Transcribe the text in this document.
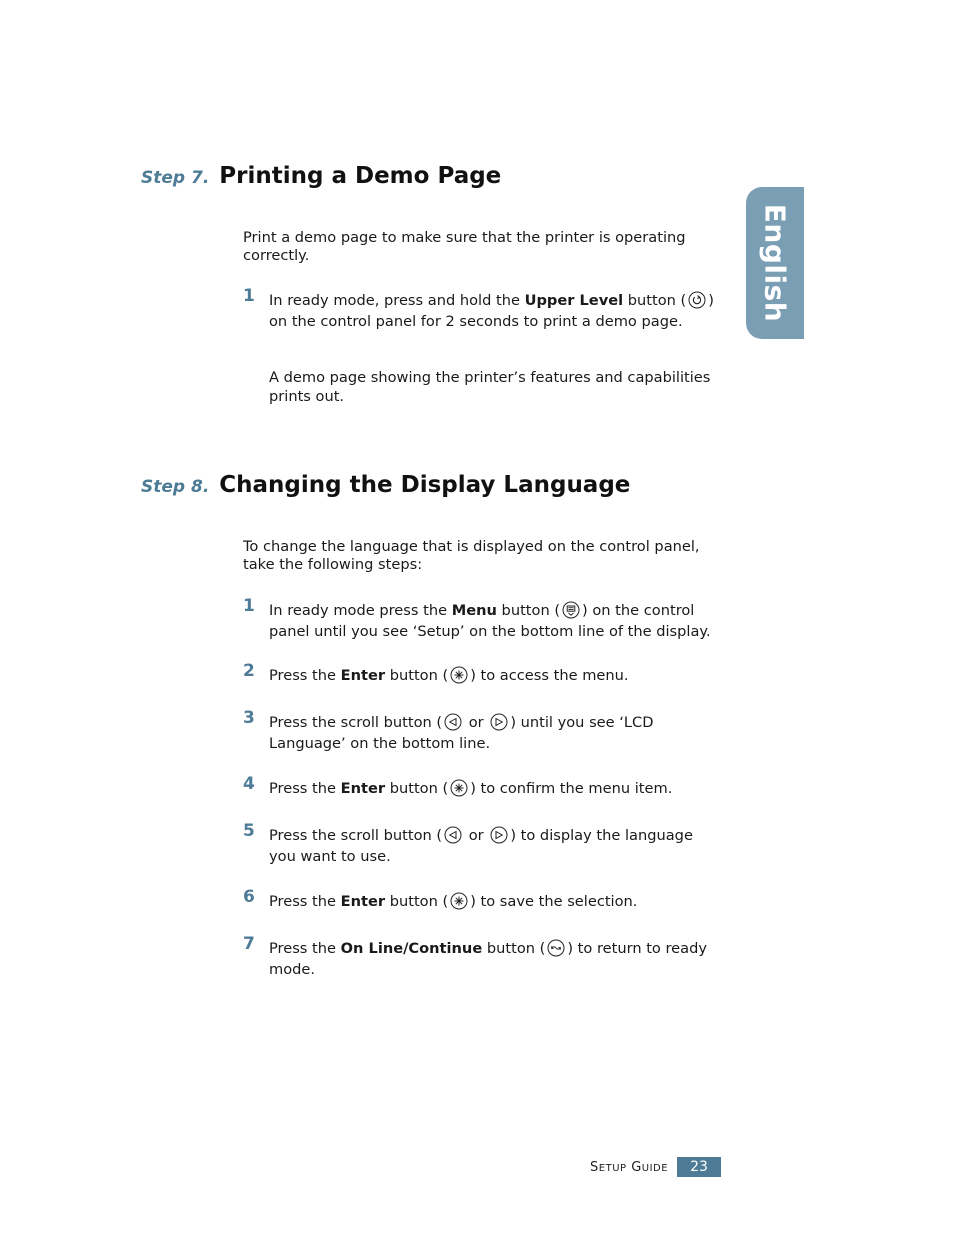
English
Step 7. Printing a Demo Page

Print a demo page to make sure that the printer is operating correctly.

1 In ready mode, press and hold the Upper Level button ( ) on the control panel for 2 seconds to print a demo page.

A demo page showing the printer’s features and capabilities prints out.

Step 8. Changing the Display Language

To change the language that is displayed on the control panel, take the following steps:

1 In ready mode press the Menu button ( ) on the control panel until you see ‘Setup’ on the bottom line of the display.
2 Press the Enter button ( ) to access the menu.
3 Press the scroll button (
or
) until you see ‘LCD Language’ on the bottom line.
4 Press the Enter button ( ) to confirm the menu item.
5 Press the scroll button (
or
) to display the language you want to use.
6 Press the Enter button ( ) to save the selection.
7 Press the On Line/Continue button ( ) to return to ready mode.
SETUP GUIDE	23
